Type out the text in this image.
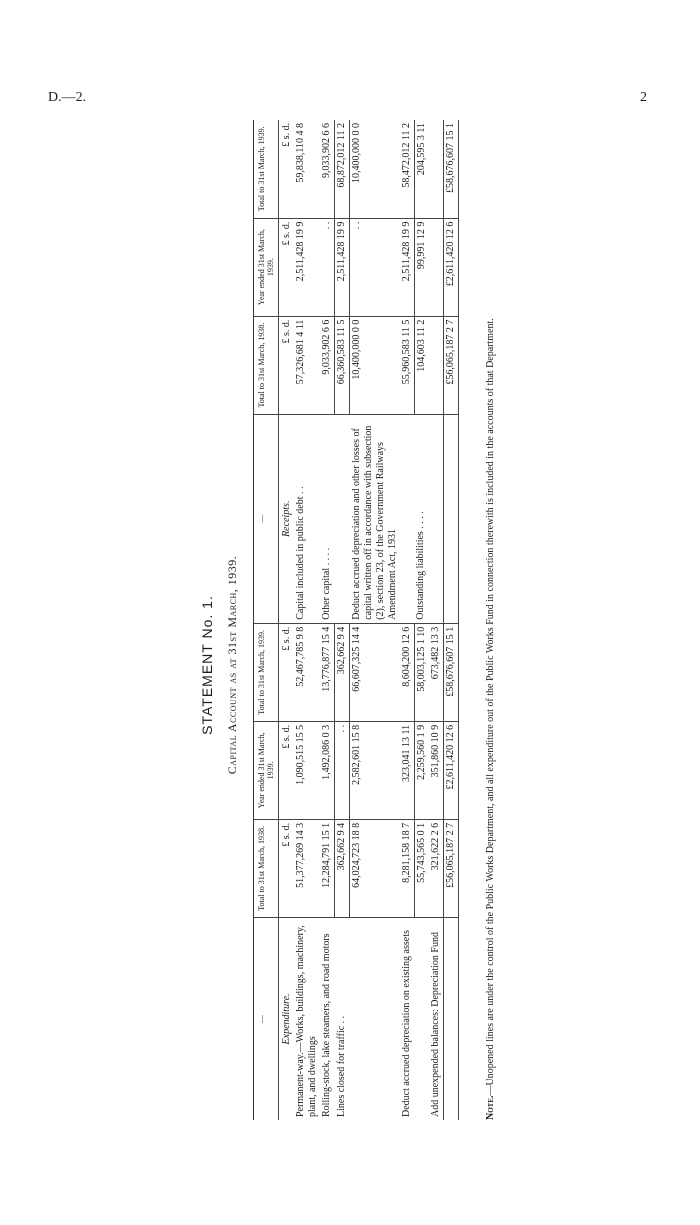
D.—2.	2
STATEMENT No. 1. Capital Account as at 31st March, 1939.
—	Total to 31st March, 1938.	Year ended 31st March, 1939.	Total to 31st March, 1939.	—	Total to 31st March, 1938.	Year ended 31st March, 1939.	Total to 31st March, 1939.

Expenditure.	£ s. d.	£ s. d.	£ s. d.	Receipts.	£ s. d.	£ s. d.	£ s. d.
Permanent-way.—Works, buildings, machinery, plant, and dwellings	51,377,269 14 3	1,090,515 15 5	52,467,785 9 8	Capital included in public debt . .	57,326,681 4 11	2,511,428 19 9	59,838,110 4 8
Rolling-stock, lake steamers, and road motors	12,284,791 15 1	1,492,086 0 3	13,776,877 15 4	Other capital . . . .	9,033,902 6 6	. .	9,033,902 6 6
Lines closed for traffic . .	362,662 9 4	. .	362,662 9 4		66,360,583 11 5	2,511,428 19 9	68,872,012 11 2
	64,024,723 18 8	2,582,601 15 8	66,607,325 14 4	Deduct accrued depreciation and other losses of capital written off in accordance with subsection (2), section 23, of the Government Railways Amendment Act, 1931	10,400,000 0 0	. .	10,400,000 0 0
Deduct accrued depreciation on existing assets	8,281,158 18 7	323,041 13 11	8,604,200 12 6		55,960,583 11 5	2,511,428 19 9	58,472,012 11 2
	55,743,565 0 1	2,259,560 1 9	58,003,125 1 10	Outstanding liabilities . . . .	104,603 11 2	99,991 12 9	204,595 3 11
Add unexpended balances: Depreciation Fund	321,622 2 6	351,860 10 9	673,482 13 3				
	£56,065,187 2 7	£2,611,420 12 6	£58,676,607 15 1		£56,065,187 2 7	£2,611,420 12 6	£58,676,607 15 1
Note.—Unopened lines are under the control of the Public Works Department, and all expenditure out of the Public Works Fund in connection therewith is included in the accounts of that Department.
